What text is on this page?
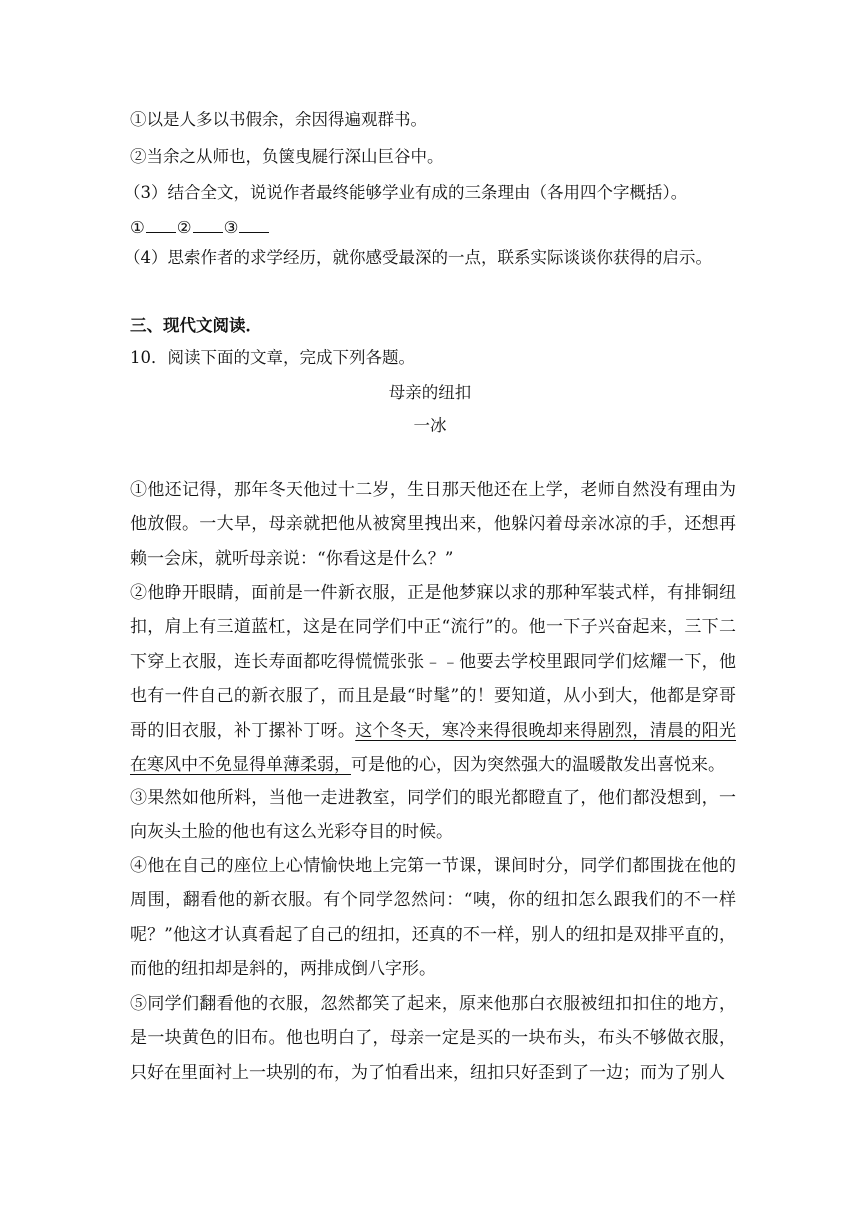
①以是人多以书假余，余因得遍观群书。
②当余之从师也，负箧曳屣行深山巨谷中。
（3）结合全文，说说作者最终能够学业有成的三条理由（各用四个字概括）。
① ② ③
（4）思索作者的求学经历，就你感受最深的一点，联系实际谈谈你获得的启示。
三、现代文阅读．
10．阅读下面的文章，完成下列各题。
母亲的纽扣
一冰

①他还记得，那年冬天他过十二岁，生日那天他还在上学，老师自然没有理由为他放假。一大早，母亲就把他从被窝里拽出来，他躲闪着母亲冰凉的手，还想再赖一会床，就听母亲说：“你看这是什么？”

②他睁开眼睛，面前是一件新衣服，正是他梦寐以求的那种军装式样，有排铜纽扣，肩上有三道蓝杠，这是在同学们中正“流行”的。他一下子兴奋起来，三下二下穿上衣服，连长寿面都吃得慌慌张张﹣﹣他要去学校里跟同学们炫耀一下，他也有一件自己的新衣服了，而且是最“时髦”的！要知道，从小到大，他都是穿哥哥的旧衣服，补丁摞补丁呀。这个冬天，寒冷来得很晚却来得剧烈，清晨的阳光在寒风中不免显得单薄柔弱，可是他的心，因为突然强大的温暖散发出喜悦来。

③果然如他所料，当他一走进教室，同学们的眼光都瞪直了，他们都没想到，一向灰头土脸的他也有这么光彩夺目的时候。

④他在自己的座位上心情愉快地上完第一节课，课间时分，同学们都围拢在他的周围，翻看他的新衣服。有个同学忽然问：“咦，你的纽扣怎么跟我们的不一样呢？”他这才认真看起了自己的纽扣，还真的不一样，别人的纽扣是双排平直的，而他的纽扣却是斜的，两排成倒八字形。

⑤同学们翻看他的衣服，忽然都笑了起来，原来他那白衣服被纽扣扣住的地方，是一块黄色的旧布。他也明白了，母亲一定是买的一块布头，布头不够做衣服，只好在里面衬上一块别的布，为了怕看出来，纽扣只好歪到了一边；而为了别人
